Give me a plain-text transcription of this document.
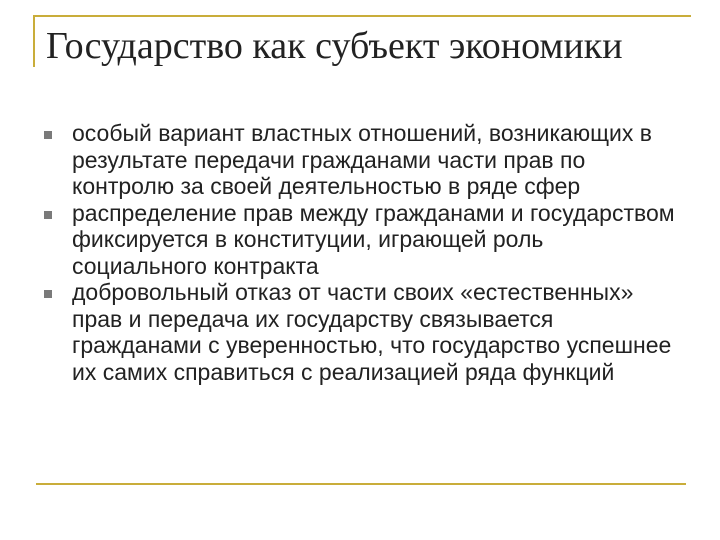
Государство как субъект экономики
особый вариант властных отношений, возникающих в результате передачи гражданами части прав по контролю за своей деятельностью в ряде сфер
распределение прав между гражданами и государством фиксируется в конституции, играющей роль социального контракта
добровольный отказ от части своих «естественных» прав и передача их государству связывается гражданами с уверенностью, что государство успешнее их самих справиться с реализацией ряда функций
